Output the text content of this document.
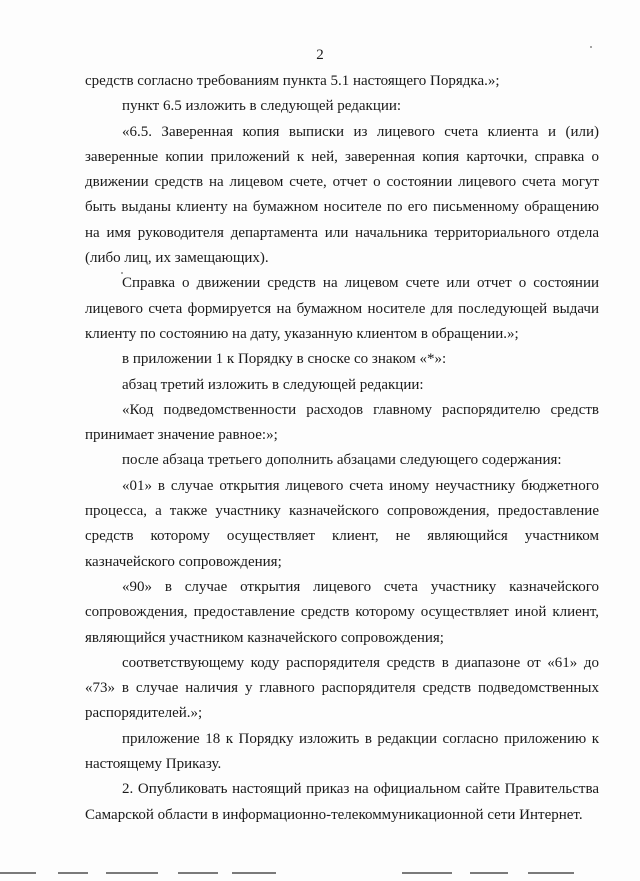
2

средств согласно требованиям пункта 5.1 настоящего Порядка.»;

пункт 6.5 изложить в следующей редакции:

«6.5. Заверенная копия выписки из лицевого счета клиента и (или) заверенные копии приложений к ней, заверенная копия карточки, справка о движении средств на лицевом счете, отчет о состоянии лицевого счета могут быть выданы клиенту на бумажном носителе по его письменному обращению на имя руководителя департамента или начальника территориального отдела (либо лиц, их замещающих).

Справка о движении средств на лицевом счете или отчет о состоянии лицевого счета формируется на бумажном носителе для последующей выдачи клиенту по состоянию на дату, указанную клиентом в обращении.»;

в приложении 1 к Порядку в сноске со знаком «*»:

абзац третий изложить в следующей редакции:

«Код подведомственности расходов главному распорядителю средств принимает значение равное:»;

после абзаца третьего дополнить абзацами следующего содержания:

«01» в случае открытия лицевого счета иному неучастнику бюджетного процесса, а также участнику казначейского сопровождения, предоставление средств которому осуществляет клиент, не являющийся участником казначейского сопровождения;

«90» в случае открытия лицевого счета участнику казначейского сопровождения, предоставление средств которому осуществляет иной клиент, являющийся участником казначейского сопровождения;

соответствующему коду распорядителя средств в диапазоне от «61» до «73» в случае наличия у главного распорядителя средств подведомственных распорядителей.»;

приложение 18 к Порядку изложить в редакции согласно приложению к настоящему Приказу.

2. Опубликовать настоящий приказ на официальном сайте Правительства Самарской области в информационно-телекоммуникационной сети Интернет.
